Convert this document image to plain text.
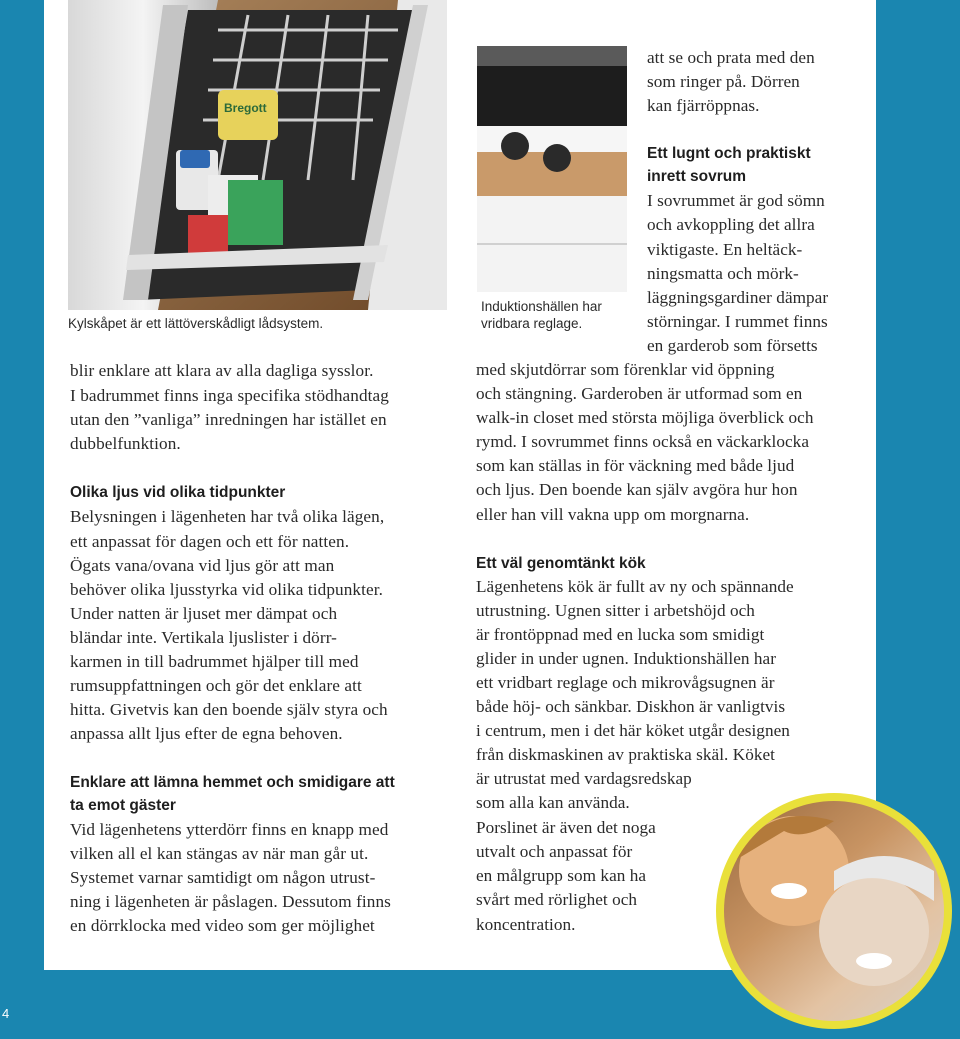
Bregott
Kylskåpet är ett lättöverskådligt lådsystem.
Induktionshällen har
vridbara reglage.
blir enklare att klara av alla dagliga sysslor.
I badrummet finns inga specifika stödhandtag
utan den ”vanliga” inredningen har istället en
dubbelfunktion.
Olika ljus vid olika tidpunkter
Belysningen i lägenheten har två olika lägen,
ett anpassat för dagen och ett för natten.
Ögats vana/ovana vid ljus gör att man
behöver olika ljusstyrka vid olika tidpunkter.
Under natten är ljuset mer dämpat och
bländar inte. Vertikala ljuslister i dörr-
karmen in till badrummet hjälper till med
rumsuppfattningen och gör det enklare att
hitta. Givetvis kan den boende själv styra och
anpassa allt ljus efter de egna behoven.
Enklare att lämna hemmet och smidigare att
ta emot gäster
Vid lägenhetens ytterdörr finns en knapp med
vilken all el kan stängas av när man går ut.
Systemet varnar samtidigt om någon utrust-
ning i lägenheten är påslagen. Dessutom finns
en dörrklocka med video som ger möjlighet
att se och prata med den
som ringer på. Dörren
kan fjärröppnas.
Ett lugnt och praktiskt
inrett sovrum
I sovrummet är god sömn
och avkoppling det allra
viktigaste. En heltäck-
ningsmatta och mörk-
läggningsgardiner dämpar
störningar. I rummet finns
en garderob som försetts
med skjutdörrar som förenklar vid öppning
och stängning. Garderoben är utformad som en
walk-in closet med största möjliga överblick och
rymd. I sovrummet finns också en väckarklocka
som kan ställas in för väckning med både ljud
och ljus. Den boende kan själv avgöra hur hon
eller han vill vakna upp om morgnarna.
Ett väl genomtänkt kök
Lägenhetens kök är fullt av ny och spännande
utrustning. Ugnen sitter i arbetshöjd och
är frontöppnad med en lucka som smidigt
glider in under ugnen. Induktionshällen har
ett vridbart reglage och mikrovågsugnen är
både höj- och sänkbar. Diskhon är vanligtvis
i centrum, men i det här köket utgår designen
från diskmaskinen av praktiska skäl. Köket
är utrustat med vardagsredskap
som alla kan använda.
Porslinet är även det noga
utvalt och anpassat för
en målgrupp som kan ha
svårt med rörlighet och
koncentration.
4
